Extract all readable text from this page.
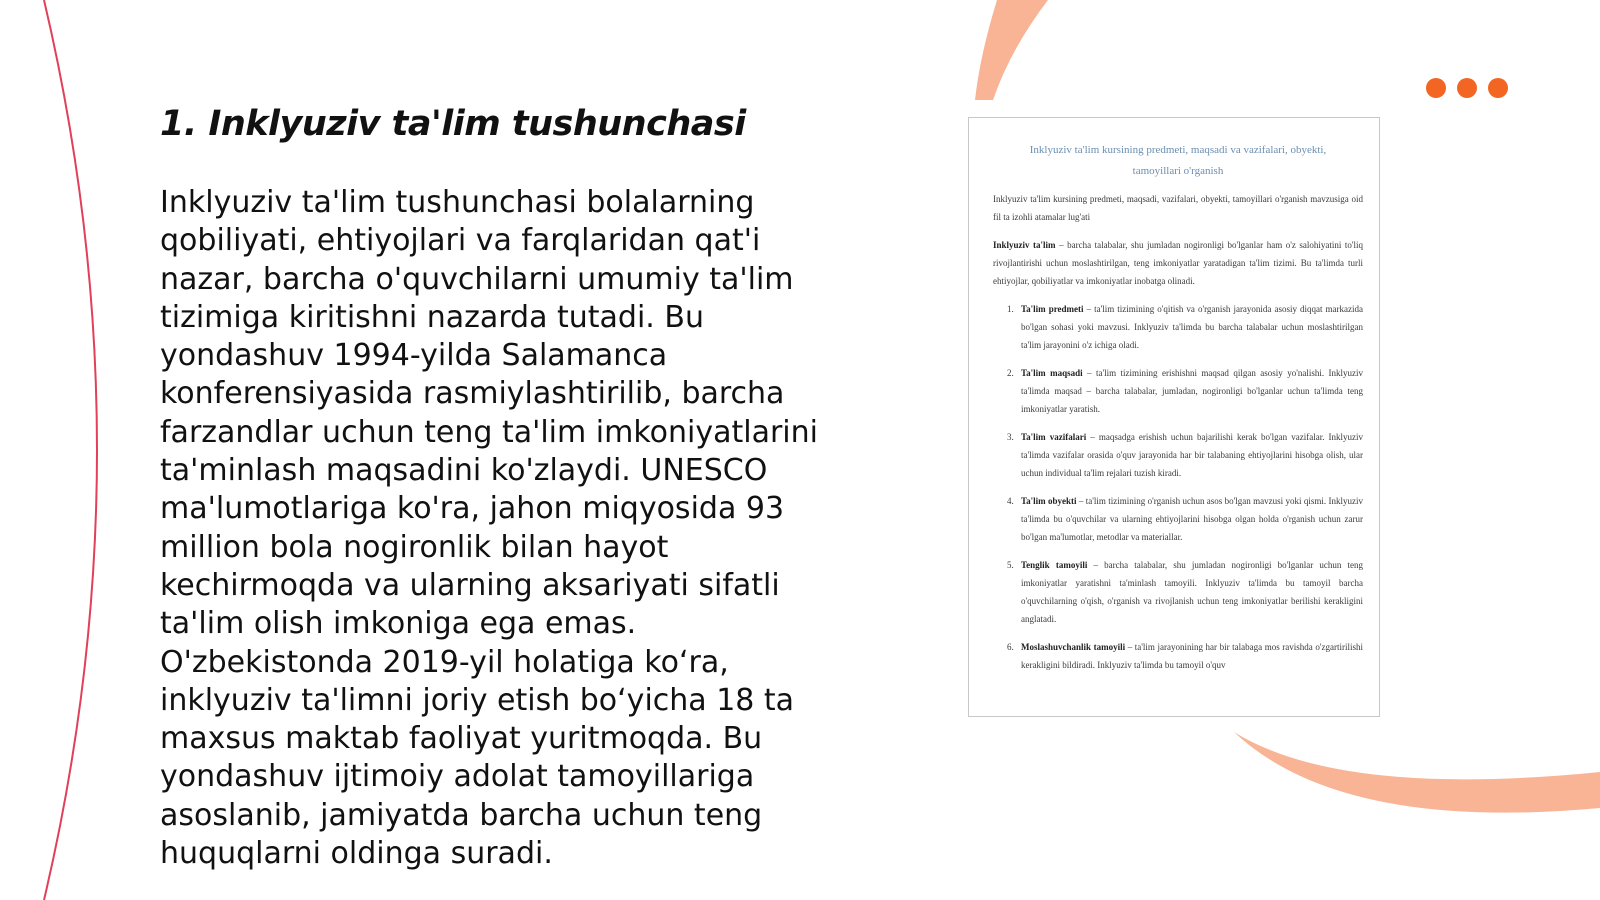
1. Inklyuziv ta'lim tushunchasi
Inklyuziv ta'lim tushunchasi bolalarning
qobiliyati, ehtiyojlari va farqlaridan qat'i
nazar, barcha o'quvchilarni umumiy ta'lim
tizimiga kiritishni nazarda tutadi. Bu
yondashuv 1994-yilda Salamanca
konferensiyasida rasmiylashtirilib, barcha
farzandlar uchun teng ta'lim imkoniyatlarini
ta'minlash maqsadini ko'zlaydi. UNESCO
ma'lumotlariga ko'ra, jahon miqyosida 93
million bola nogironlik bilan hayot
kechirmoqda va ularning aksariyati sifatli
ta'lim olish imkoniga ega emas.
O'zbekistonda 2019-yil holatiga koʻra,
inklyuziv ta'limni joriy etish boʻyicha 18 ta
maxsus maktab faoliyat yuritmoqda. Bu
yondashuv ijtimoiy adolat tamoyillariga
asoslanib, jamiyatda barcha uchun teng
huquqlarni oldinga suradi.

Inklyuziv ta'lim kursining predmeti, maqsadi va vazifalari, obyekti,
tamoyillari o'rganish

Inklyuziv ta'lim kursining predmeti, maqsadi, vazifalari, obyekti, tamoyillari o'rganish mavzusiga oid fil ta izohli atamalar lug'ati

Inklyuziv ta'lim – barcha talabalar, shu jumladan nogironligi bo'lganlar ham o'z salohiyatini to'liq rivojlantirishi uchun moslashtirilgan, teng imkoniyatlar yaratadigan ta'lim tizimi. Bu ta'limda turli ehtiyojlar, qobiliyatlar va imkoniyatlar inobatga olinadi.

1. Ta'lim predmeti – ta'lim tizimining o'qitish va o'rganish jarayonida asosiy diqqat markazida bo'lgan sohasi yoki mavzusi. Inklyuziv ta'limda bu barcha talabalar uchun moslashtirilgan ta'lim jarayonini o'z ichiga oladi.
2. Ta'lim maqsadi – ta'lim tizimining erishishni maqsad qilgan asosiy yo'nalishi. Inklyuziv ta'limda maqsad – barcha talabalar, jumladan, nogironligi bo'lganlar uchun ta'limda teng imkoniyatlar yaratish.
3. Ta'lim vazifalari – maqsadga erishish uchun bajarilishi kerak bo'lgan vazifalar. Inklyuziv ta'limda vazifalar orasida o'quv jarayonida har bir talabaning ehtiyojlarini hisobga olish, ular uchun individual ta'lim rejalari tuzish kiradi.
4. Ta'lim obyekti – ta'lim tizimining o'rganish uchun asos bo'lgan mavzusi yoki qismi. Inklyuziv ta'limda bu o'quvchilar va ularning ehtiyojlarini hisobga olgan holda o'rganish uchun zarur bo'lgan ma'lumotlar, metodlar va materiallar.
5. Tenglik tamoyili – barcha talabalar, shu jumladan nogironligi bo'lganlar uchun teng imkoniyatlar yaratishni ta'minlash tamoyili. Inklyuziv ta'limda bu tamoyil barcha o'quvchilarning o'qish, o'rganish va rivojlanish uchun teng imkoniyatlar berilishi kerakligini anglatadi.
6. Moslashuvchanlik tamoyili – ta'lim jarayonining har bir talabaga mos ravishda o'zgartirilishi kerakligini bildiradi. Inklyuziv ta'limda bu tamoyil o'quv
